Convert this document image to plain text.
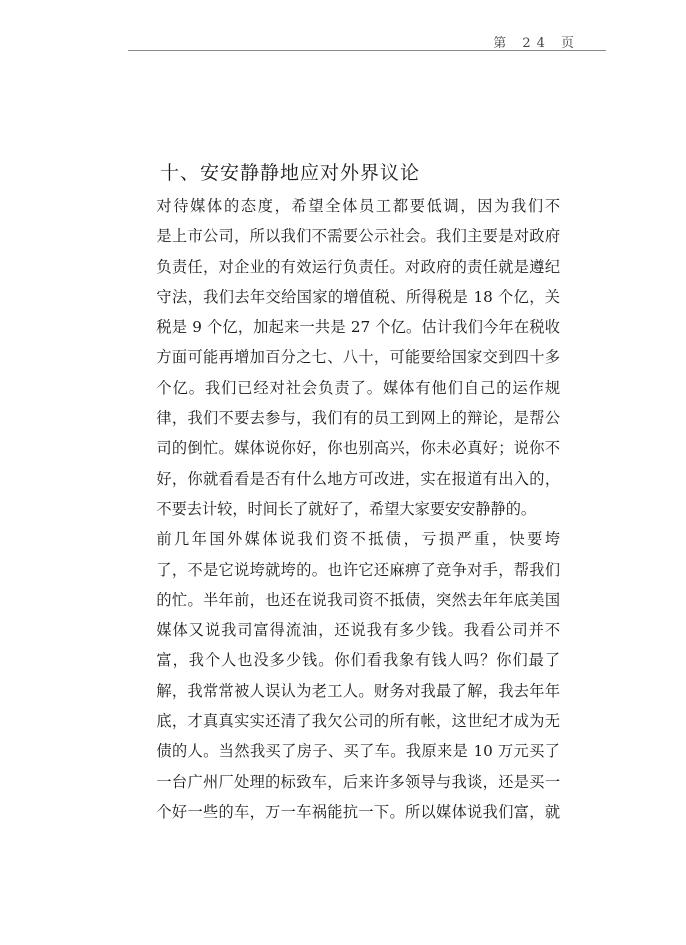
第 24 页
十、安安静静地应对外界议论

对待媒体的态度，希望全体员工都要低调，因为我们不
是上市公司，所以我们不需要公示社会。我们主要是对政府
负责任，对企业的有效运行负责任。对政府的责任就是遵纪
守法，我们去年交给国家的增值税、所得税是 18 个亿，关
税是 9 个亿，加起来一共是 27 个亿。估计我们今年在税收
方面可能再增加百分之七、八十，可能要给国家交到四十多
个亿。我们已经对社会负责了。媒体有他们自己的运作规
律，我们不要去参与，我们有的员工到网上的辩论，是帮公
司的倒忙。媒体说你好，你也别高兴，你未必真好；说你不
好，你就看看是否有什么地方可改进，实在报道有出入的，
不要去计较，时间长了就好了，希望大家要安安静静的。

前几年国外媒体说我们资不抵债，亏损严重，快要垮
了，不是它说垮就垮的。也许它还麻痹了竞争对手，帮我们
的忙。半年前，也还在说我司资不抵债，突然去年年底美国
媒体又说我司富得流油，还说我有多少钱。我看公司并不
富，我个人也没多少钱。你们看我象有钱人吗？你们最了
解，我常常被人误认为老工人。财务对我最了解，我去年年
底，才真真实实还清了我欠公司的所有帐，这世纪才成为无
债的人。当然我买了房子、买了车。我原来是 10 万元买了
一台广州厂处理的标致车，后来许多领导与我谈，还是买一
个好一些的车，万一车祸能抗一下。所以媒体说我们富，就
